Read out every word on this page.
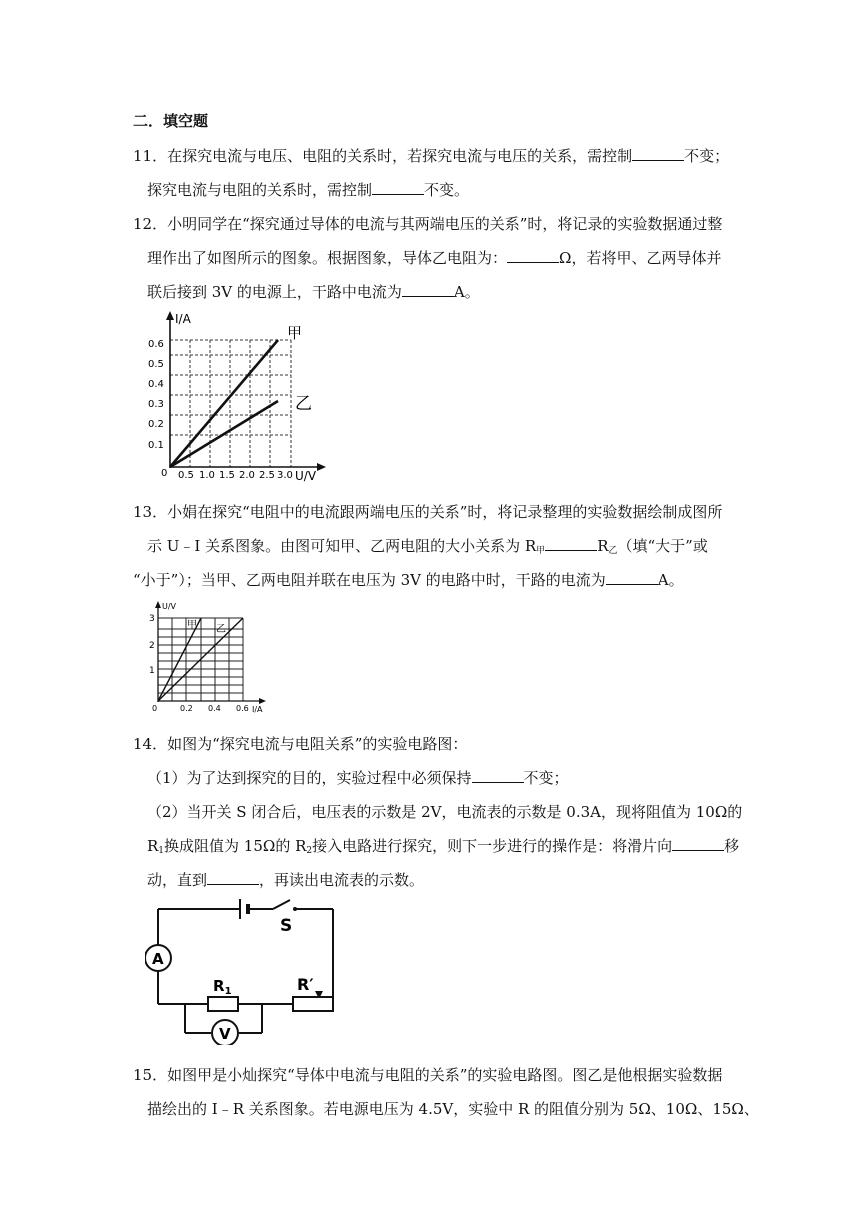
二．填空题
11．在探究电流与电压、电阻的关系时，若探究电流与电压的关系，需控制	不变；
探究电流与电阻的关系时，需控制	不变。
12．小明同学在“探究通过导体的电流与其两端电压的关系”时，将记录的实验数据通过整
理作出了如图所示的图象。根据图象，导体乙电阻为：	Ω，若将甲、乙两导体并
联后接到 3V 的电源上，干路中电流为	A。
I/A
U/V
0
0.1
0.2
0.3
0.4
0.5
0.6
0.5 1.0 1.5 2.0 2.5 3.0
甲
乙
13．小娟在探究“电阻中的电流跟两端电压的关系”时，将记录整理的实验数据绘制成图所
示 U﹣I 关系图象。由图可知甲、乙两电阻的大小关系为 $R_甲$	$R_乙$（填“大于”或
“小于”）；当甲、乙两电阻并联在电压为 3V 的电路中时，干路的电流为	A。
U/V
I/A
0
1
2
3
0.2 0.4 0.6
甲 乙
14．如图为“探究电流与电阻关系”的实验电路图：
（1）为了达到探究的目的，实验过程中必须保持	不变；
（2）当开关 S 闭合后，电压表的示数是 2V，电流表的示数是 0.3A，现将阻值为 10Ω的
$R_1$换成阻值为 15Ω的 $R_2$接入电路进行探究，则下一步进行的操作是：将滑片向	移
动，直到	，再读出电流表的示数。
A
$R_1$	R′
V
S
15．如图甲是小灿探究“导体中电流与电阻的关系”的实验电路图。图乙是他根据实验数据
描绘出的 I﹣R 关系图象。若电源电压为 4.5V，实验中 R 的阻值分别为 5Ω、10Ω、15Ω、
